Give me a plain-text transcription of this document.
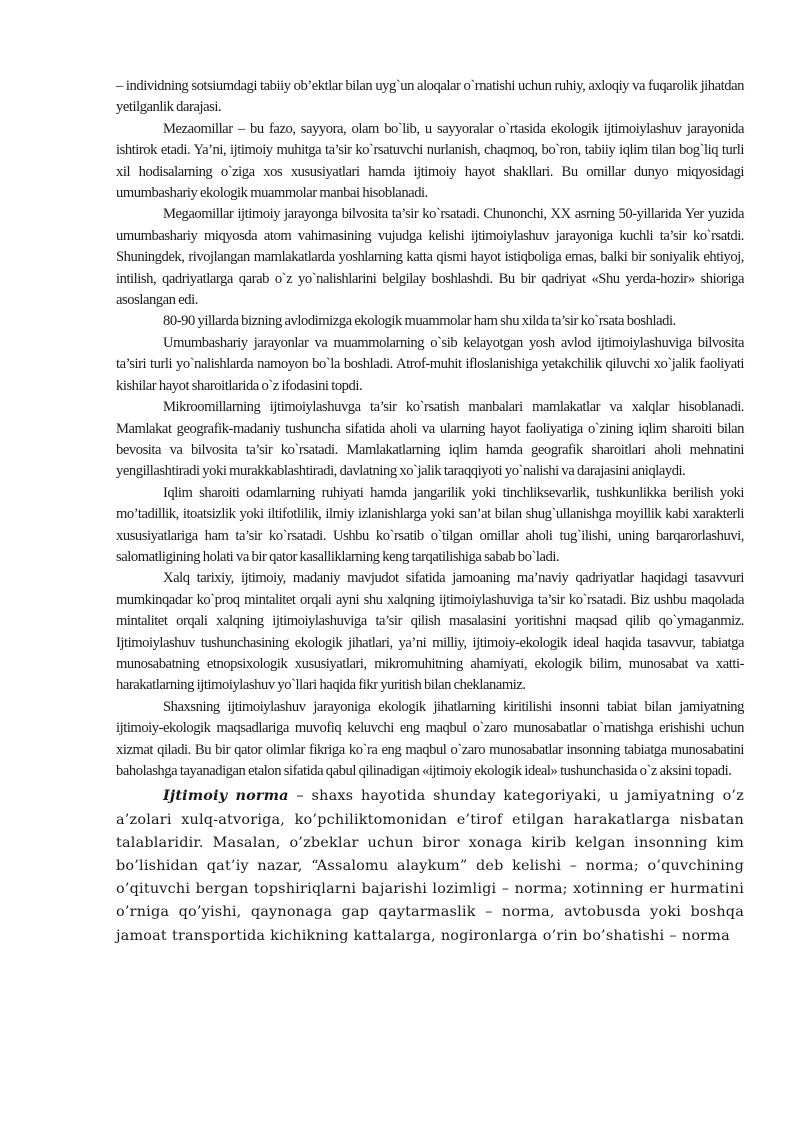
– individning sotsiumdagi tabiiy ob’ektlar bilan uyg`un aloqalar o`rnatishi uchun ruhiy, axloqiy va fuqarolik jihatdan yetilganlik darajasi.

Mezaomillar – bu fazo, sayyora, olam bo`lib, u sayyoralar o`rtasida ekologik ijtimoiylashuv jarayonida ishtirok etadi. Ya’ni, ijtimoiy muhitga ta’sir ko`rsatuvchi nurlanish, chaqmoq, bo`ron, tabiiy iqlim tilan bog`liq turli xil hodisalarning o`ziga xos xususiyatlari hamda ijtimoiy hayot shakllari. Bu omillar dunyo miqyosidagi umumbashariy ekologik muammolar manbai hisoblanadi.

Megaomillar ijtimoiy jarayonga bilvosita ta’sir ko`rsatadi. Chunonchi, XX asrning 50-yillarida Yer yuzida umumbashariy miqyosda atom vahimasining vujudga kelishi ijtimoiylashuv jarayoniga kuchli ta’sir ko`rsatdi. Shuningdek, rivojlangan mamlakatlarda yoshlarning katta qismi hayot istiqboliga emas, balki bir soniyalik ehtiyoj, intilish, qadriyatlarga qarab o`z yo`nalishlarini belgilay boshlashdi. Bu bir qadriyat «Shu yerda-hozir» shioriga asoslangan edi.

80-90 yillarda bizning avlodimizga ekologik muammolar ham shu xilda ta’sir ko`rsata boshladi.

Umumbashariy jarayonlar va muammolarning o`sib kelayotgan yosh avlod ijtimoiylashuviga bilvosita ta’siri turli yo`nalishlarda namoyon bo`la boshladi. Atrof-muhit ifloslanishiga yetakchilik qiluvchi xo`jalik faoliyati kishilar hayot sharoitlarida o`z ifodasini topdi.

Mikroomillarning ijtimoiylashuvga ta’sir ko`rsatish manbalari mamlakatlar va xalqlar hisoblanadi. Mamlakat geografik-madaniy tushuncha sifatida aholi va ularning hayot faoliyatiga o`zining iqlim sharoiti bilan bevosita va bilvosita ta’sir ko`rsatadi. Mamlakatlarning iqlim hamda geografik sharoitlari aholi mehnatini yengillashtiradi yoki murakkablashtiradi, davlatning xo`jalik taraqqiyoti yo`nalishi va darajasini aniqlaydi.

Iqlim sharoiti odamlarning ruhiyati hamda jangarilik yoki tinchliksevarlik, tushkunlikka berilish yoki mo’tadillik, itoatsizlik yoki iltifotlilik, ilmiy izlanishlarga yoki san’at bilan shug`ullanishga moyillik kabi xarakterli xususiyatlariga ham ta’sir ko`rsatadi. Ushbu ko`rsatib o`tilgan omillar aholi tug`ilishi, uning barqarorlashuvi, salomatligining holati va bir qator kasalliklarning keng tarqatilishiga sabab bo`ladi.

Xalq tarixiy, ijtimoiy, madaniy mavjudot sifatida jamoaning ma’naviy qadriyatlar haqidagi tasavvuri mumkinqadar ko`proq mintalitet orqali ayni shu xalqning ijtimoiylashuviga ta’sir ko`rsatadi. Biz ushbu maqolada mintalitet orqali xalqning ijtimoiylashuviga ta’sir qilish masalasini yoritishni maqsad qilib qo`ymaganmiz. Ijtimoiylashuv tushunchasining ekologik jihatlari, ya’ni milliy, ijtimoiy-ekologik ideal haqida tasavvur, tabiatga munosabatning etnopsixologik xususiyatlari, mikromuhitning ahamiyati, ekologik bilim, munosabat va xatti-harakatlarning ijtimoiylashuv yo`llari haqida fikr yuritish bilan cheklanamiz.

Shaxsning ijtimoiylashuv jarayoniga ekologik jihatlarning kiritilishi insonni tabiat bilan jamiyatning ijtimoiy-ekologik maqsadlariga muvofiq keluvchi eng maqbul o`zaro munosabatlar o`rnatishga erishishi uchun xizmat qiladi. Bu bir qator olimlar fikriga ko`ra eng maqbul o`zaro munosabatlar insonning tabiatga munosabatini baholashga tayanadigan etalon sifatida qabul qilinadigan «ijtimoiy ekologik ideal» tushunchasida o`z aksini topadi.

Ijtimoiy norma – shaxs hayotida shunday kategoriyaki, u jamiyatning o’z a’zolari xulq-atvoriga, ko’pchiliktomonidan e’tirof etilgan harakatlarga nisbatan talablaridir. Masalan, o’zbeklar uchun biror xonaga kirib kelgan insonning kim bo’lishidan qat’iy nazar, “Assalomu alaykum” deb kelishi – norma; o’quvchining o’qituvchi bergan topshiriqlarni bajarishi lozimligi – norma; xotinning er hurmatini o’rniga qo’yishi, qaynonaga gap qaytarmaslik – norma, avtobusda yoki boshqa jamoat transportida kichikning kattalarga, nogironlarga o’rin bo’shatishi – norma
